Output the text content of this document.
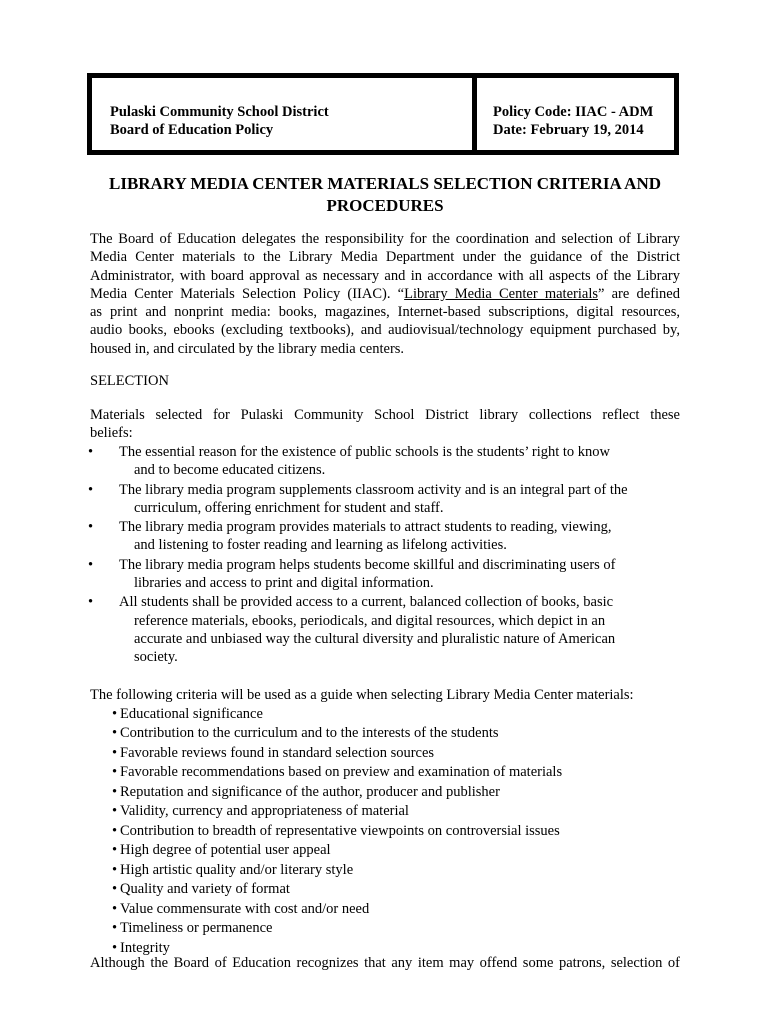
Pulaski Community School District
Board of Education Policy
Policy Code: IIAC - ADM
Date: February 19, 2014
LIBRARY MEDIA CENTER MATERIALS SELECTION CRITERIA AND
PROCEDURES
The Board of Education delegates the responsibility for the coordination and selection of Library
Media Center materials to the Library Media Department under the guidance of the District
Administrator, with board approval as necessary and in accordance with all aspects of the Library
Media Center Materials Selection Policy (IIAC). “Library Media Center materials” are defined
as print and nonprint media: books, magazines, Internet-based subscriptions, digital resources,
audio books, ebooks (excluding textbooks), and audiovisual/technology equipment purchased by,
housed in, and circulated by the library media centers.
SELECTION
Materials selected for Pulaski Community School District library collections reflect these
beliefs:
• The essential reason for the existence of public schools is the students’ right to know
and to become educated citizens.
• The library media program supplements classroom activity and is an integral part of the
curriculum, offering enrichment for student and staff.
• The library media program provides materials to attract students to reading, viewing,
and listening to foster reading and learning as lifelong activities.
• The library media program helps students become skillful and discriminating users of
libraries and access to print and digital information.
• All students shall be provided access to a current, balanced collection of books, basic
reference materials, ebooks, periodicals, and digital resources, which depict in an
accurate and unbiased way the cultural diversity and pluralistic nature of American
society.
The following criteria will be used as a guide when selecting Library Media Center materials:
• Educational significance
• Contribution to the curriculum and to the interests of the students
• Favorable reviews found in standard selection sources
• Favorable recommendations based on preview and examination of materials
• Reputation and significance of the author, producer and publisher
• Validity, currency and appropriateness of material
• Contribution to breadth of representative viewpoints on controversial issues
• High degree of potential user appeal
• High artistic quality and/or literary style
• Quality and variety of format
• Value commensurate with cost and/or need
• Timeliness or permanence
• Integrity
Although the Board of Education recognizes that any item may offend some patrons, selection of
